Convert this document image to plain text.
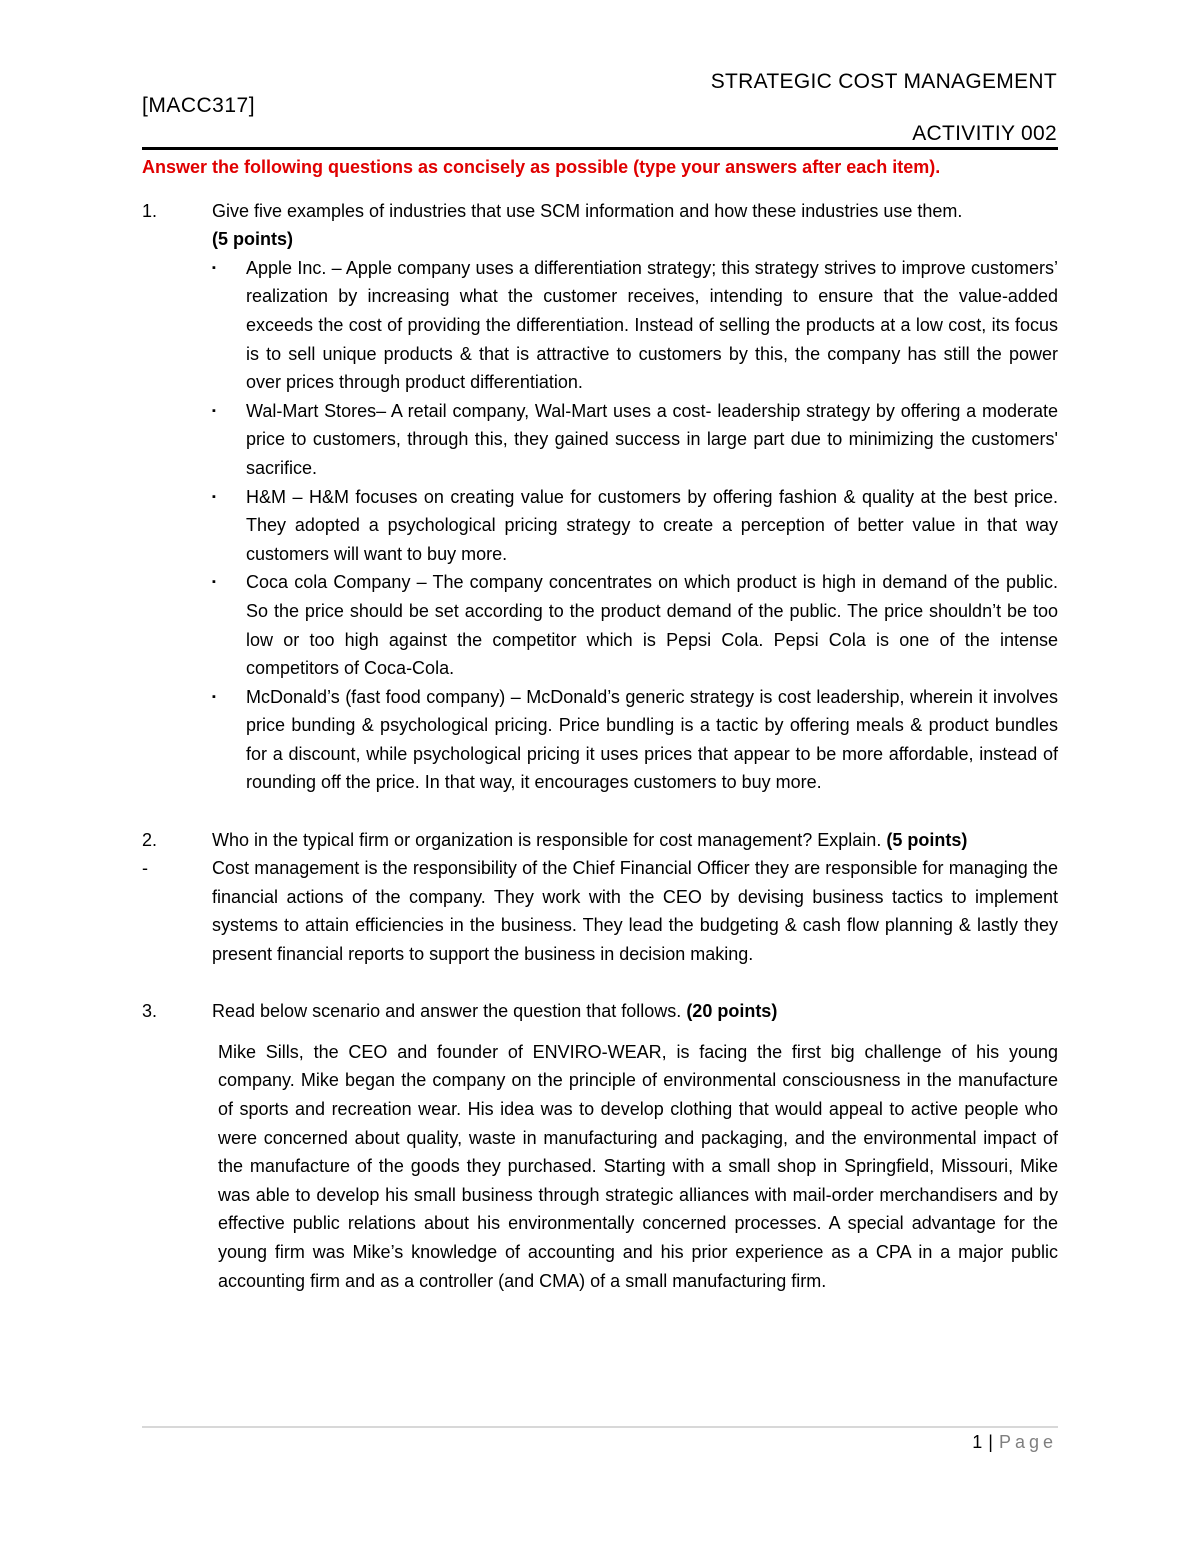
[MACC317]
STRATEGIC COST MANAGEMENT
ACTIVITIY 002

Answer the following questions as concisely as possible (type your answers after each item).

1.	Give five examples of industries that use SCM information and how these industries use them.
(5 points)
▪ Apple Inc. – Apple company uses a differentiation strategy; this strategy strives to improve customers’ realization by increasing what the customer receives, intending to ensure that the value-added exceeds the cost of providing the differentiation. Instead of selling the products at a low cost, its focus is to sell unique products & that is attractive to customers by this, the company has still the power over prices through product differentiation.
▪ Wal-Mart Stores– A retail company, Wal-Mart uses a cost- leadership strategy by offering a moderate price to customers, through this, they gained success in large part due to minimizing the customers' sacrifice.
▪ H&M – H&M focuses on creating value for customers by offering fashion & quality at the best price. They adopted a psychological pricing strategy to create a perception of better value in that way customers will want to buy more.
▪ Coca cola Company – The company concentrates on which product is high in demand of the public. So the price should be set according to the product demand of the public. The price shouldn’t be too low or too high against the competitor which is Pepsi Cola. Pepsi Cola is one of the intense competitors of Coca-Cola.
▪ McDonald’s (fast food company) – McDonald’s generic strategy is cost leadership, wherein it involves price bunding & psychological pricing. Price bundling is a tactic by offering meals & product bundles for a discount, while psychological pricing it uses prices that appear to be more affordable, instead of rounding off the price. In that way, it encourages customers to buy more.
2.	Who in the typical firm or organization is responsible for cost management? Explain. (5 points)
-	Cost management is the responsibility of the Chief Financial Officer they are responsible for managing the financial actions of the company. They work with the CEO by devising business tactics to implement systems to attain efficiencies in the business. They lead the budgeting & cash flow planning & lastly they present financial reports to support the business in decision making.
3.	Read below scenario and answer the question that follows. (20 points)
Mike Sills, the CEO and founder of ENVIRO-WEAR, is facing the first big challenge of his young company. Mike began the company on the principle of environmental consciousness in the manufacture of sports and recreation wear. His idea was to develop clothing that would appeal to active people who were concerned about quality, waste in manufacturing and packaging, and the environmental impact of the manufacture of the goods they purchased. Starting with a small shop in Springfield, Missouri, Mike was able to develop his small business through strategic alliances with mail-order merchandisers and by effective public relations about his environmentally concerned processes. A special advantage for the young firm was Mike’s knowledge of accounting and his prior experience as a CPA in a major public accounting firm and as a controller (and CMA) of a small manufacturing firm.
1 | Page
